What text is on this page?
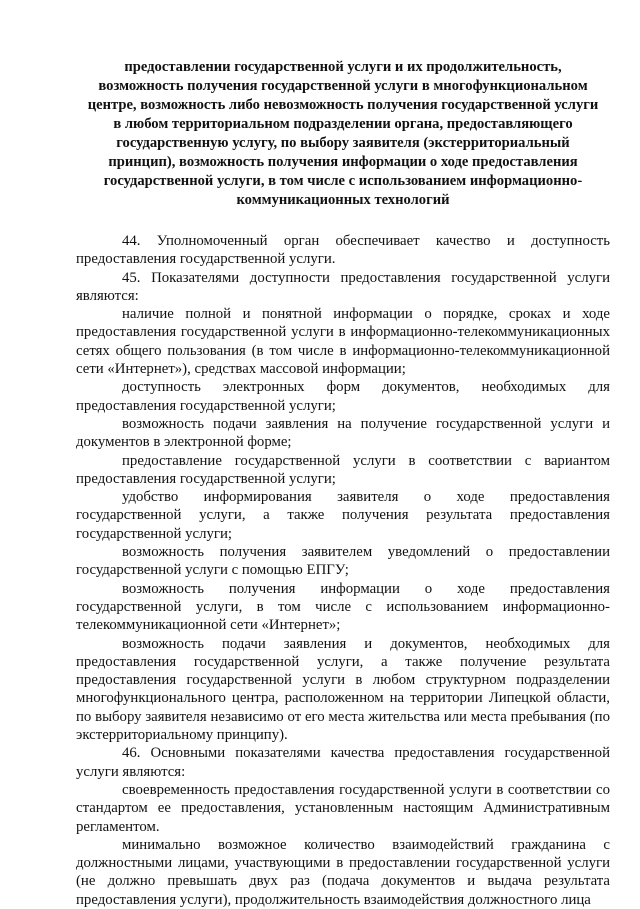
предоставлении государственной услуги и их продолжительность,
возможность получения государственной услуги в многофункциональном
центре, возможность либо невозможность получения государственной услуги
в любом территориальном подразделении органа, предоставляющего
государственную услугу, по выбору заявителя (экстерриториальный
принцип), возможность получения информации о ходе предоставления
государственной услуги, в том числе с использованием информационно-
коммуникационных технологий

44. Уполномоченный орган обеспечивает качество и доступность предоставления государственной услуги.

45. Показателями доступности предоставления государственной услуги являются:

наличие полной и понятной информации о порядке, сроках и ходе предоставления государственной услуги в информационно-телекоммуникационных сетях общего пользования (в том числе в информационно-телекоммуникационной сети «Интернет»), средствах массовой информации;

доступность электронных форм документов, необходимых для предоставления государственной услуги;

возможность подачи заявления на получение государственной услуги и документов в электронной форме;

предоставление государственной услуги в соответствии с вариантом предоставления государственной услуги;

удобство информирования заявителя о ходе предоставления государственной услуги, а также получения результата предоставления государственной услуги;

возможность получения заявителем уведомлений о предоставлении государственной услуги с помощью ЕПГУ;

возможность получения информации о ходе предоставления государственной услуги, в том числе с использованием информационно-телекоммуникационной сети «Интернет»;

возможность подачи заявления и документов, необходимых для предоставления государственной услуги, а также получение результата предоставления государственной услуги в любом структурном подразделении многофункционального центра, расположенном на территории Липецкой области, по выбору заявителя независимо от его места жительства или места пребывания (по экстерриториальному принципу).

46. Основными показателями качества предоставления государственной услуги являются:

своевременность предоставления государственной услуги в соответствии со стандартом ее предоставления, установленным настоящим Административным регламентом.

минимально возможное количество взаимодействий гражданина с должностными лицами, участвующими в предоставлении государственной услуги (не должно превышать двух раз (подача документов и выдача результата предоставления услуги), продолжительность взаимодействия должностного лица
